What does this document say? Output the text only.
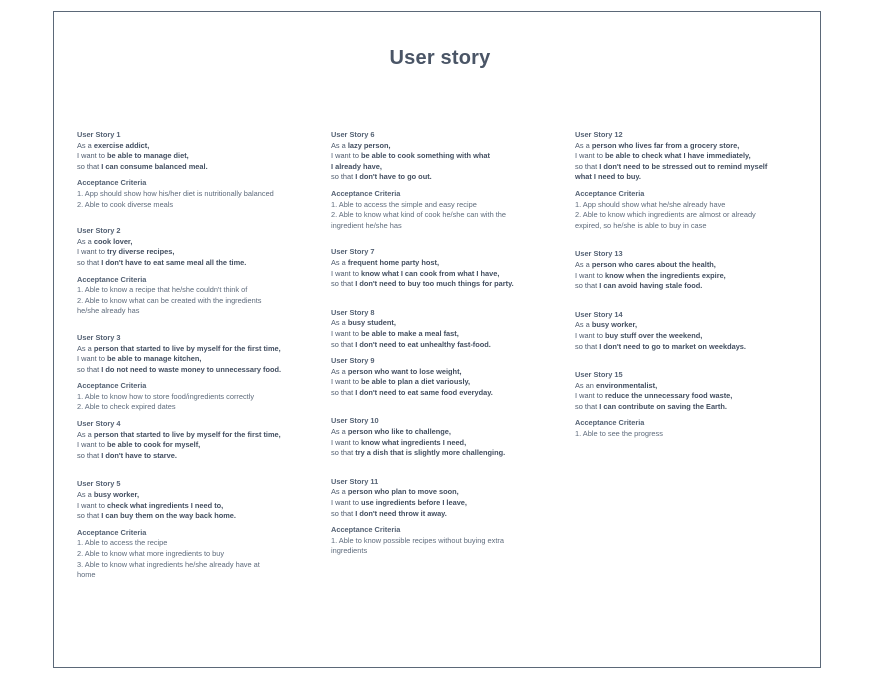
User story
User Story 1
As a exercise addict,
I want to be able to manage diet,
so that I can consume balanced meal.
Acceptance Criteria
1. App should show how his/her diet is nutritionally balanced
2. Able to cook diverse meals
User Story 2
As a cook lover,
I want to try diverse recipes,
so that I don't have to eat same meal all the time.
Acceptance Criteria
1. Able to know a recipe that he/she couldn't think of
2. Able to know what can be created with the ingredients
he/she already has
User Story 3
As a person that started to live by myself for the first time,
I want to be able to manage kitchen,
so that I do not need to waste money to unnecessary food.
Acceptance Criteria
1. Able to know how to store food/ingredients correctly
2. Able to check expired dates
User Story 4
As a person that started to live by myself for the first time,
I want to be able to cook for myself,
so that I don't have to starve.
User Story 5
As a busy worker,
I want to check what ingredients I need to,
so that I can buy them on the way back home.
Acceptance Criteria
1. Able to access the recipe
2. Able to know what more ingredients to buy
3. Able to know what ingredients he/she already have at
home
User Story 6
As a lazy person,
I want to be able to cook something with what
I already have,
so that I don't have to go out.
Acceptance Criteria
1. Able to access the simple and easy recipe
2. Able to know what kind of cook he/she can with the
ingredient he/she has
User Story 7
As a frequent home party host,
I want to know what I can cook from what I have,
so that I don't need to buy too much things for party.
User Story 8
As a busy student,
I want to be able to make a meal fast,
so that I don't need to eat unhealthy fast-food.
User Story 9
As a person who want to lose weight,
I want to be able to plan a diet variously,
so that I don't need to eat same food everyday.
User Story 10
As a person who like to challenge,
I want to know what ingredients I need,
so that try a dish that is slightly more challenging.
User Story 11
As a person who plan to move soon,
I want to use ingredients before I leave,
so that I don't need throw it away.
Acceptance Criteria
1. Able to know possible recipes without buying extra
ingredients
User Story 12
As a person who lives far from a grocery store,
I want to be able to check what I have immediately,
so that I don't need to be stressed out to remind myself
what I need to buy.
Acceptance Criteria
1. App should show what he/she already have
2. Able to know which ingredients are almost or already
expired, so he/she is able to buy in case
User Story 13
As a person who cares about the health,
I want to know when the ingredients expire,
so that I can avoid having stale food.
User Story 14
As a busy worker,
I want to buy stuff over the weekend,
so that I don't need to go to market on weekdays.
User Story 15
As an environmentalist,
I want to reduce the unnecessary food waste,
so that I can contribute on saving the Earth.
Acceptance Criteria
1. Able to see the progress
